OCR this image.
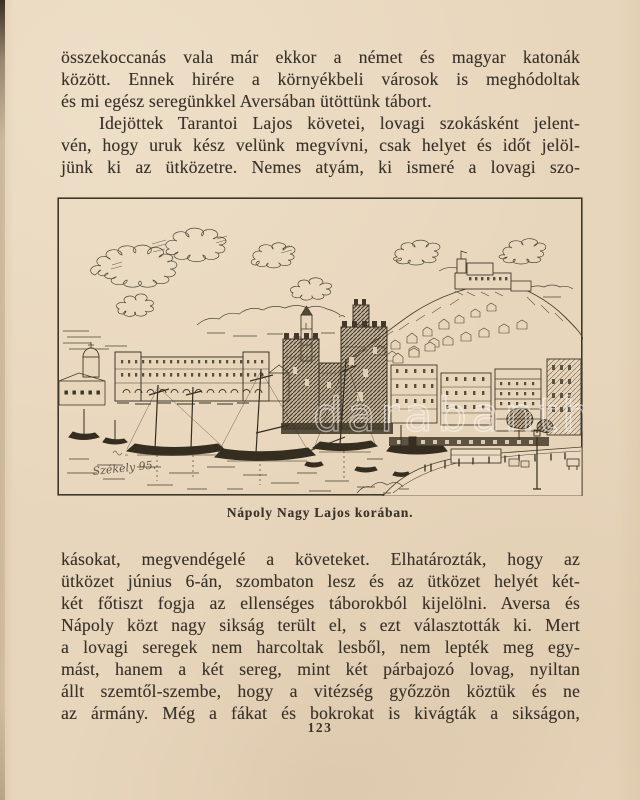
összekoccanás vala már ekkor a német és magyar katonák
között. Ennek hirére a környékbeli városok is meghódoltak
és mi egész seregünkkel Aversában ütöttünk tábort.
Idejöttek Tarantoi Lajos követei, lovagi szokásként jelent-
vén, hogy uruk kész velünk megvívni, csak helyet és időt jelöl-
jünk ki az ütközetre. Nemes atyám, ki ismeré a lovagi szo-
Székely 95.
darabanth
Nápoly Nagy Lajos korában.
kásokat, megvendégelé a követeket. Elhatározták, hogy az
ütközet június 6-án, szombaton lesz és az ütközet helyét két-
két főtiszt fogja az ellenséges táborokból kijelölni. Aversa és
Nápoly közt nagy sikság terült el, s ezt választották ki. Mert
a lovagi seregek nem harcoltak lesből, nem lepték meg egy-
mást, hanem a két sereg, mint két párbajozó lovag, nyiltan
állt szemtől-szembe, hogy a vitézség győzzön köztük és ne
az ármány. Még a fákat és bokrokat is kivágták a sikságon,
123
